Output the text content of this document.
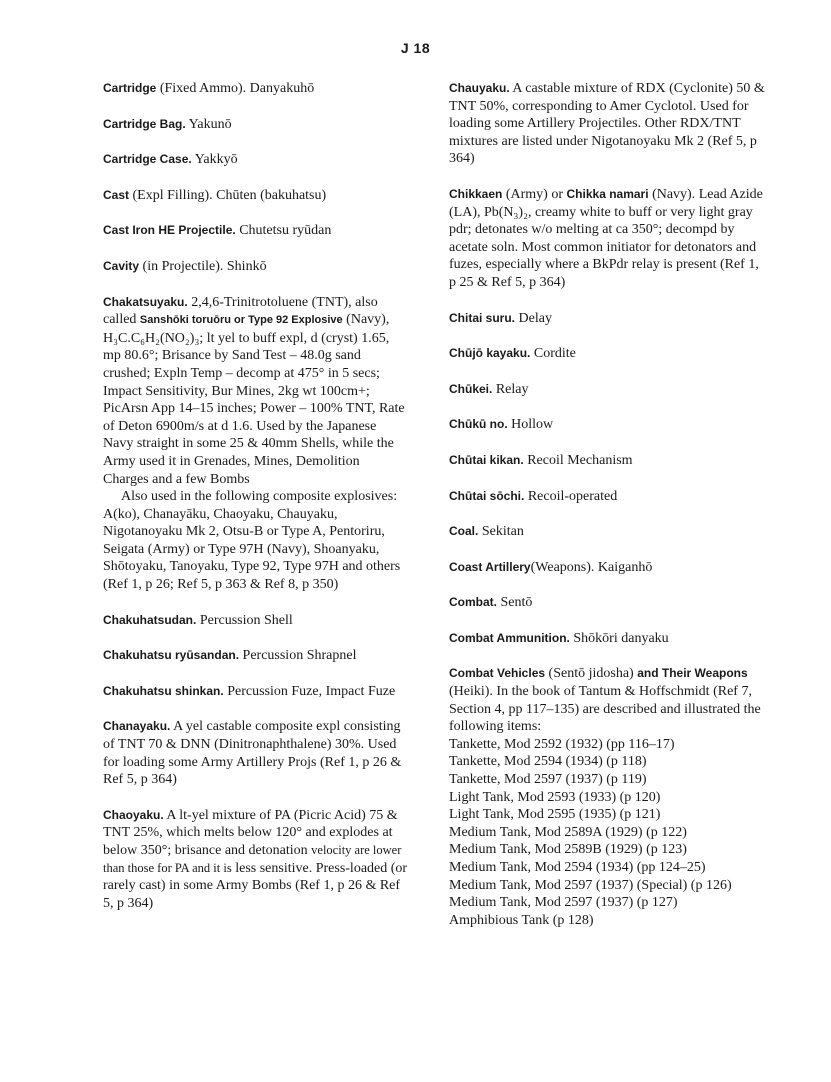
J 18

Cartridge (Fixed Ammo). Danyakuhō

Cartridge Bag. Yakunō

Cartridge Case. Yakkyō

Cast (Expl Filling). Chūten (bakuhatsu)

Cast Iron HE Projectile. Chutetsu ryūdan

Cavity (in Projectile). Shinkō

Chakatsuyaku. 2,4,6-Trinitrotoluene (TNT), also called Sanshōki toruōru or Type 92 Explosive (Navy), H₃C.C₆H₂(NO₂)₃; lt yel to buff expl, d (cryst) 1.65, mp 80.6°; Brisance by Sand Test – 48.0g sand crushed; Expln Temp – decomp at 475° in 5 secs; Impact Sensitivity, Bur Mines, 2kg wt 100cm+; PicArsn App 14–15 inches; Power – 100% TNT, Rate of Deton 6900m/s at d 1.6. Used by the Japanese Navy straight in some 25 & 40mm Shells, while the Army used it in Grenades, Mines, Demolition Charges and a few Bombs
Also used in the following composite explosives: A(ko), Chanayāku, Chaoyaku, Chauyaku, Nigotanoyaku Mk 2, Otsu-B or Type A, Pentoriru, Seigata (Army) or Type 97H (Navy), Shoanyaku, Shōtoyaku, Tanoyaku, Type 92, Type 97H and others (Ref 1, p 26; Ref 5, p 363 & Ref 8, p 350)

Chakuhatsudan. Percussion Shell

Chakuhatsu ryūsandan. Percussion Shrapnel

Chakuhatsu shinkan. Percussion Fuze, Impact Fuze

Chanayaku. A yel castable composite expl consisting of TNT 70 & DNN (Dinitronaphthalene) 30%. Used for loading some Army Artillery Projs (Ref 1, p 26 & Ref 5, p 364)

Chaoyaku. A lt-yel mixture of PA (Picric Acid) 75 & TNT 25%, which melts below 120° and explodes at below 350°; brisance and detonation velocity are lower than those for PA and it is less sensitive. Press-loaded (or rarely cast) in some Army Bombs (Ref 1, p 26 & Ref 5, p 364)

Chauyaku. A castable mixture of RDX (Cyclonite) 50 & TNT 50%, corresponding to Amer Cyclotol. Used for loading some Artillery Projectiles. Other RDX/TNT mixtures are listed under Nigotanoyaku Mk 2 (Ref 5, p 364)

Chikkaen (Army) or Chikka namari (Navy). Lead Azide (LA), Pb(N₃)₂, creamy white to buff or very light gray pdr; detonates w/o melting at ca 350°; decompd by acetate soln. Most common initiator for detonators and fuzes, especially where a BkPdr relay is present (Ref 1, p 25 & Ref 5, p 364)

Chitai suru. Delay

Chūjō kayaku. Cordite

Chūkei. Relay

Chūkū no. Hollow

Chūtai kikan. Recoil Mechanism

Chūtai sōchi. Recoil-operated

Coal. Sekitan

Coast Artillery(Weapons). Kaiganhō

Combat. Sentō

Combat Ammunition. Shōkōri danyaku

Combat Vehicles (Sentō jidosha) and Their Weapons (Heiki). In the book of Tantum & Hoffschmidt (Ref 7, Section 4, pp 117–135) are described and illustrated the following items:
Tankette, Mod 2592 (1932) (pp 116–17)
Tankette, Mod 2594 (1934) (p 118)
Tankette, Mod 2597 (1937) (p 119)
Light Tank, Mod 2593 (1933) (p 120)
Light Tank, Mod 2595 (1935) (p 121)
Medium Tank, Mod 2589A (1929) (p 122)
Medium Tank, Mod 2589B (1929) (p 123)
Medium Tank, Mod 2594 (1934) (pp 124–25)
Medium Tank, Mod 2597 (1937) (Special) (p 126)
Medium Tank, Mod 2597 (1937) (p 127)
Amphibious Tank (p 128)
